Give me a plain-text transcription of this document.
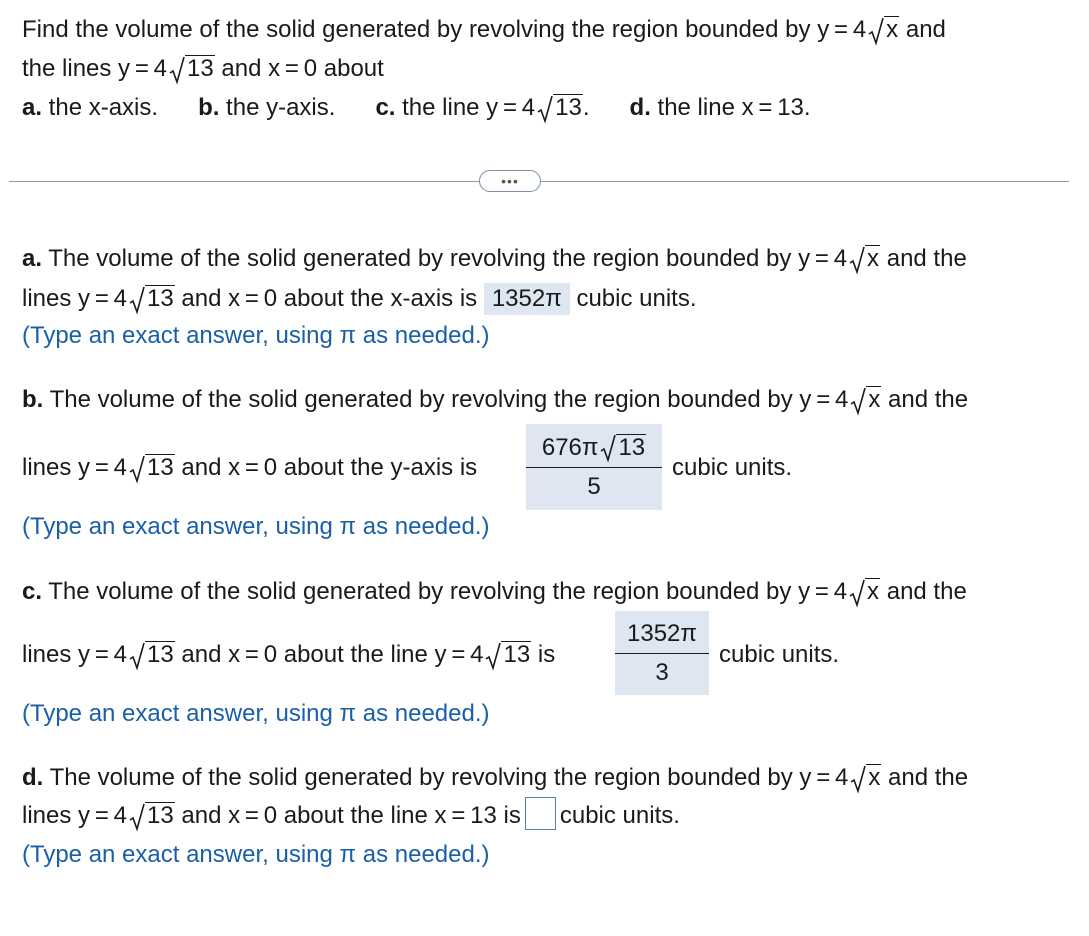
Find the volume of the solid generated by revolving the region bounded by y = 4 x and
the lines y = 4 13 and x = 0 about
a. the x-axis. b. the y-axis. c. the line y = 4 13. d. the line x = 13.
•••
a. The volume of the solid generated by revolving the region bounded by y = 4 x and the
lines y = 4 13 and x = 0 about the x-axis is 1352π cubic units.
(Type an exact answer, using π as needed.)
b. The volume of the solid generated by revolving the region bounded by y = 4 x and the
lines y = 4 13 and x = 0 about the y-axis is
676π 13
5
cubic units.
(Type an exact answer, using π as needed.)
c. The volume of the solid generated by revolving the region bounded by y = 4 x and the
lines y = 4 13 and x = 0 about the line y = 4 13 is
1352π
3
cubic units.
(Type an exact answer, using π as needed.)
d. The volume of the solid generated by revolving the region bounded by y = 4 x and the
lines y = 4 13 and x = 0 about the line x = 13 is cubic units.
(Type an exact answer, using π as needed.)
